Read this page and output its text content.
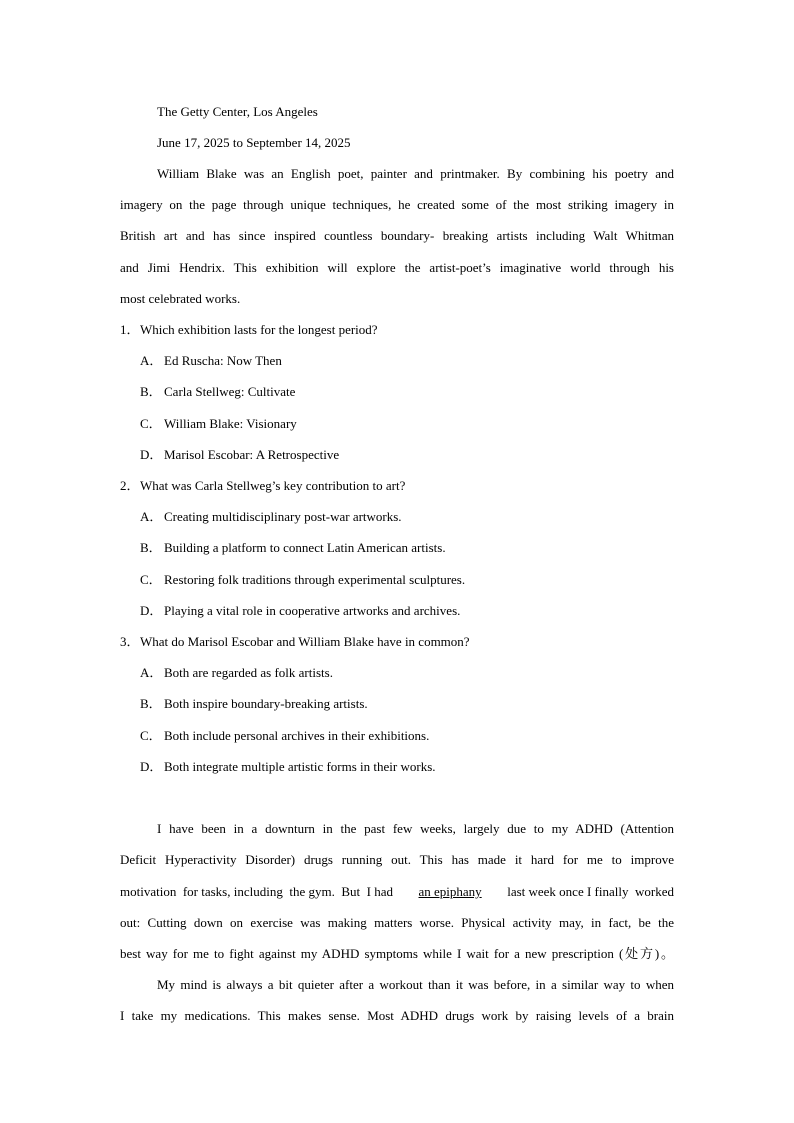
The Getty Center, Los Angeles
June 17, 2025 to September 14, 2025
William Blake was an English poet, painter and printmaker. By combining his poetry and
imagery on the page through unique techniques, he created some of the most striking imagery in
British art and has since inspired countless boundary- breaking artists including Walt Whitman
and Jimi Hendrix. This exhibition will explore the artist-poet’s imaginative world through his
most celebrated works.
1．Which exhibition lasts for the longest period?
A． Ed Ruscha: Now Then
B． Carla Stellweg: Cultivate
C． William Blake: Visionary
D． Marisol Escobar: A Retrospective
2．What was Carla Stellweg’s key contribution to art?
A． Creating multidisciplinary post-war artworks.
B． Building a platform to connect Latin American artists.
C． Restoring folk traditions through experimental sculptures.
D． Playing a vital role in cooperative artworks and archives.
3．What do Marisol Escobar and William Blake have in common?
A． Both are regarded as folk artists.
B． Both inspire boundary-breaking artists.
C． Both include personal archives in their exhibitions.
D． Both integrate multiple artistic forms in their works.
I have been in a downturn in the past few weeks, largely due to my ADHD (Attention
Deficit Hyperactivity Disorder) drugs running out. This has made it hard for me to improve
motivation  for tasks, including  the gym.  But  I had an epiphany last week once I finally  worked
out: Cutting down on exercise was making matters worse. Physical activity may, in fact, be the
best way for me to fight against my ADHD symptoms while I wait for a new prescription (处方)。
My mind is always a bit quieter after a workout than it was before, in a similar way to when
I take my medications. This makes sense. Most ADHD drugs work by raising levels of a brain
